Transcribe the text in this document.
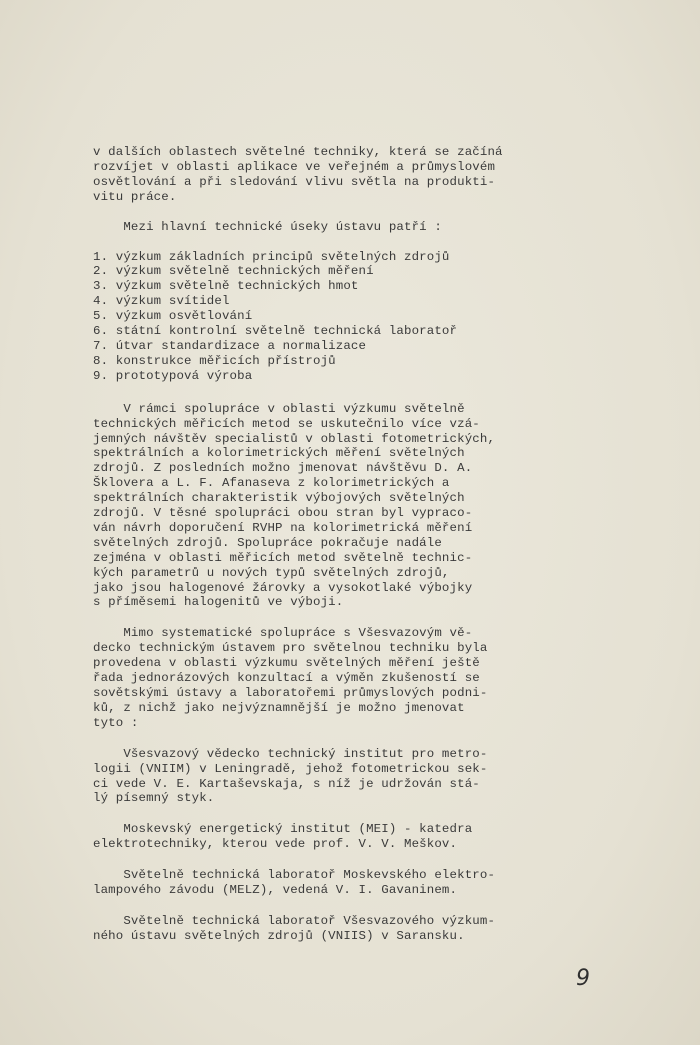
v dalších oblastech světelné techniky, která se začíná

rozvíjet v oblasti aplikace ve veřejném a průmyslovém

osvětlování a při sledování vlivu světla na produkti-

vitu práce.

Mezi hlavní technické úseky ústavu patří :

1. výzkum základních principů světelných zdrojů
2. výzkum světelně technických měření
3. výzkum světelně technických hmot
4. výzkum svítidel
5. výzkum osvětlování
6. státní kontrolní světelně technická laboratoř
7. útvar standardizace a normalizace
8. konstrukce měřicích přístrojů
9. prototypová výroba

V rámci spolupráce v oblasti výzkumu světelně

technických měřicích metod se uskutečnilo více vzá-

jemných návštěv specialistů v oblasti fotometrických,

spektrálních a kolorimetrických měření světelných

zdrojů. Z posledních možno jmenovat návštěvu D. A.

Šklovera a L. F. Afanaseva z kolorimetrických a

spektrálních charakteristik výbojových světelných

zdrojů. V těsné spolupráci obou stran byl vypraco-

ván návrh doporučení RVHP na kolorimetrická měření

světelných zdrojů. Spolupráce pokračuje nadále

zejména v oblasti měřicích metod světelně technic-

kých parametrů u nových typů světelných zdrojů,

jako jsou halogenové žárovky a vysokotlaké výbojky

s příměsemi halogenitů ve výboji.

Mimo systematické spolupráce s Všesvazovým vě-

decko technickým ústavem pro světelnou techniku byla

provedena v oblasti výzkumu světelných měření ještě

řada jednorázových konzultací a výměn zkušeností se

sovětskými ústavy a laboratořemi průmyslových podni-

ků, z nichž jako nejvýznamnější je možno jmenovat

tyto :

Všesvazový vědecko technický institut pro metro-

logii (VNIIM) v Leningradě, jehož fotometrickou sek-

ci vede V. E. Kartaševskaja, s níž je udržován stá-

lý písemný styk.

Moskevský energetický institut (MEI) - katedra

elektrotechniky, kterou vede prof. V. V. Meškov.

Světelně technická laboratoř Moskevského elektro-

lampového závodu (MELZ), vedená V. I. Gavaninem.

Světelně technická laboratoř Všesvazového výzkum-

ného ústavu světelných zdrojů (VNIIS) v Saransku.

9
